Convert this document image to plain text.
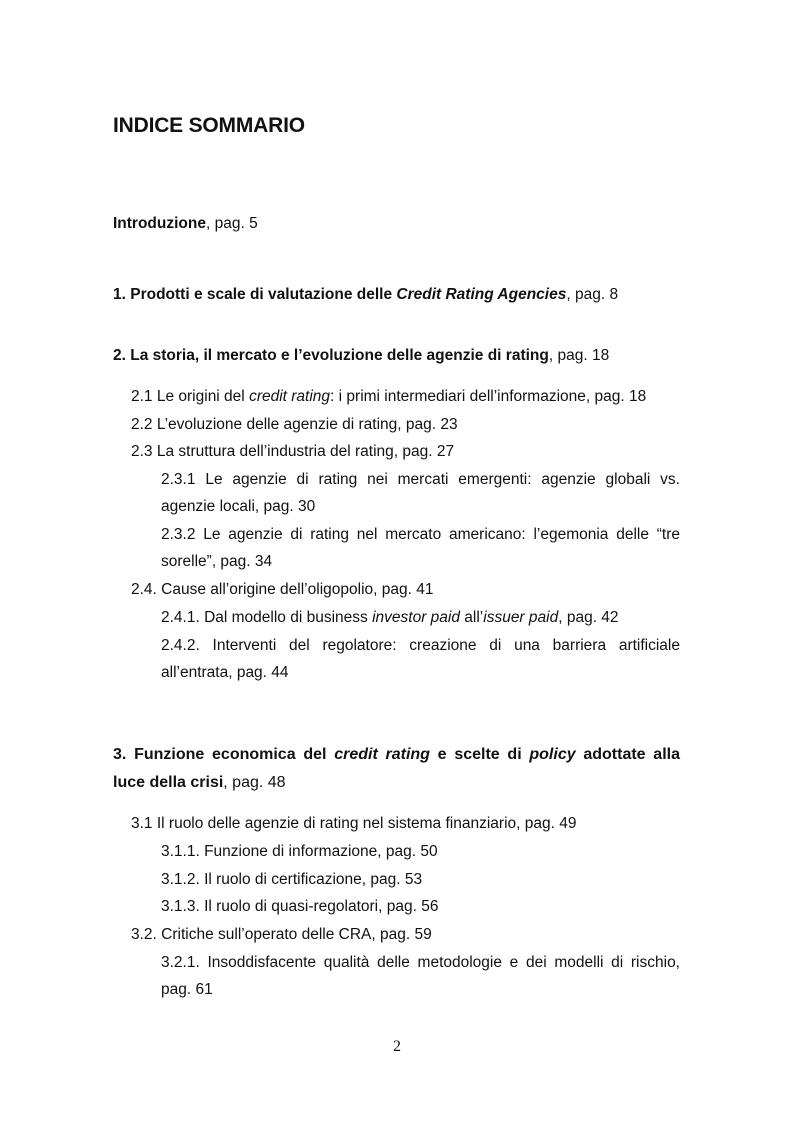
INDICE SOMMARIO
Introduzione, pag. 5
1. Prodotti e scale di valutazione delle Credit Rating Agencies, pag. 8
2. La storia, il mercato e l’evoluzione delle agenzie di rating, pag. 18
2.1 Le origini del credit rating: i primi intermediari dell’informazione, pag. 18
2.2 L’evoluzione delle agenzie di rating, pag. 23
2.3 La struttura dell’industria del rating, pag. 27
2.3.1 Le agenzie di rating nei mercati emergenti: agenzie globali vs. agenzie locali, pag. 30
2.3.2 Le agenzie di rating nel mercato americano: l’egemonia delle “tre sorelle”, pag. 34
2.4. Cause all’origine dell’oligopolio, pag. 41
2.4.1. Dal modello di business investor paid all’issuer paid, pag. 42
2.4.2. Interventi del regolatore: creazione di una barriera artificiale all’entrata, pag. 44
3. Funzione economica del credit rating e scelte di policy adottate alla luce della crisi, pag. 48
3.1 Il ruolo delle agenzie di rating nel sistema finanziario, pag. 49
3.1.1. Funzione di informazione, pag. 50
3.1.2. Il ruolo di certificazione, pag. 53
3.1.3. Il ruolo di quasi-regolatori, pag. 56
3.2. Critiche sull’operato delle CRA, pag. 59
3.2.1. Insoddisfacente qualità delle metodologie e dei modelli di rischio, pag. 61
2
